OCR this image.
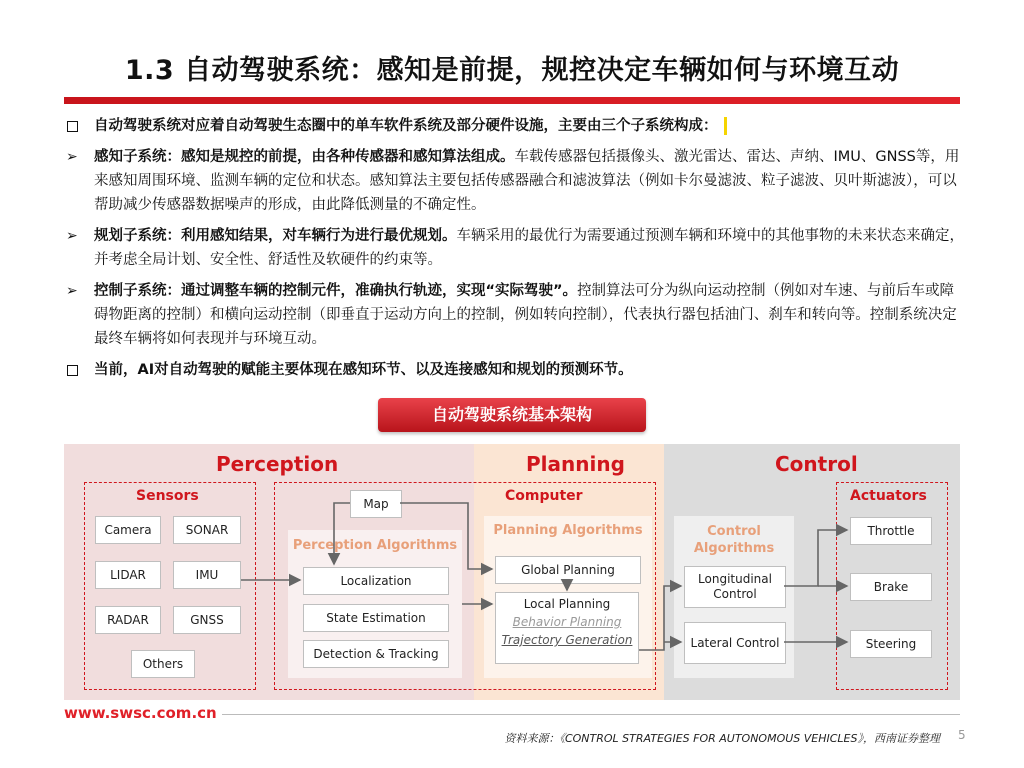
1.3 自动驾驶系统：感知是前提，规控决定车辆如何与环境互动
自动驾驶系统对应着自动驾驶生态圈中的单车软件系统及部分硬件设施，主要由三个子系统构成：
➢ 感知子系统：感知是规控的前提，由各种传感器和感知算法组成。车载传感器包括摄像头、激光雷达、雷达、声纳、IMU、GNSS等，用来感知周围环境、监测车辆的定位和状态。感知算法主要包括传感器融合和滤波算法（例如卡尔曼滤波、粒子滤波、贝叶斯滤波），可以帮助减少传感器数据噪声的形成，由此降低测量的不确定性。
➢ 规划子系统：利用感知结果，对车辆行为进行最优规划。车辆采用的最优行为需要通过预测车辆和环境中的其他事物的未来状态来确定，并考虑全局计划、安全性、舒适性及软硬件的约束等。
➢ 控制子系统：通过调整车辆的控制元件，准确执行轨迹，实现“实际驾驶”。控制算法可分为纵向运动控制（例如对车速、与前后车或障碍物距离的控制）和横向运动控制（即垂直于运动方向上的控制，例如转向控制），代表执行器包括油门、刹车和转向等。控制系统决定最终车辆将如何表现并与环境互动。
当前，AI对自动驾驶的赋能主要体现在感知环节、以及连接感知和规划的预测环节。
自动驾驶系统基本架构
Perception	Planning	Control
Sensors	Computer	Actuators
Camera	SONAR
LIDAR	IMU
RADAR	GNSS
Others
Map
Perception Algorithms
Localization
State Estimation
Detection & Tracking
Planning Algorithms
Global Planning
Local Planning
Behavior Planning
Trajectory Generation
Control Algorithms
Longitudinal Control
Lateral Control
Throttle
Brake
Steering
www.swsc.com.cn
资料来源：《CONTROL STRATEGIES FOR AUTONOMOUS VEHICLES》，西南证券整理 5
